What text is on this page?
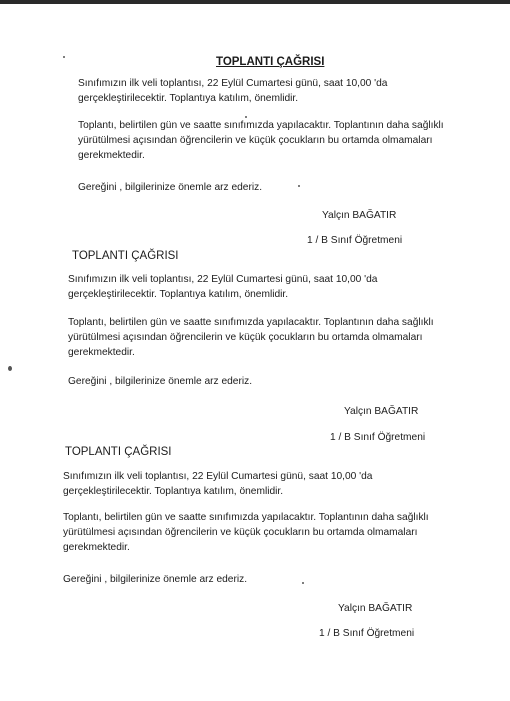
TOPLANTI ÇAĞRISI

Sınıfımızın ilk veli toplantısı, 22 Eylül Cumartesi günü, saat 10,00 'da gerçekleştirilecektir. Toplantıya katılım, önemlidir.

Toplantı, belirtilen gün ve saatte sınıfımızda yapılacaktır. Toplantının daha sağlıklı yürütülmesi açısından öğrencilerin ve küçük çocukların bu ortamda olmamaları gerekmektedir.

Gereğini , bilgilerinize önemle arz ederiz.

Yalçın BAĞATIR
1 / B Sınıf Öğretmeni
TOPLANTI ÇAĞRISI

Sınıfımızın ilk veli toplantısı, 22 Eylül Cumartesi günü, saat 10,00 'da gerçekleştirilecektir. Toplantıya katılım, önemlidir.

Toplantı, belirtilen gün ve saatte sınıfımızda yapılacaktır. Toplantının daha sağlıklı yürütülmesi açısından öğrencilerin ve küçük çocukların bu ortamda olmamaları gerekmektedir.

Gereğini , bilgilerinize önemle arz ederiz.

Yalçın BAĞATIR
1 / B Sınıf Öğretmeni
TOPLANTI ÇAĞRISI

Sınıfımızın ilk veli toplantısı, 22 Eylül Cumartesi günü, saat 10,00 'da gerçekleştirilecektir. Toplantıya katılım, önemlidir.

Toplantı, belirtilen gün ve saatte sınıfımızda yapılacaktır. Toplantının daha sağlıklı yürütülmesi açısından öğrencilerin ve küçük çocukların bu ortamda olmamaları gerekmektedir.

Gereğini , bilgilerinize önemle arz ederiz.

Yalçın BAĞATIR
1 / B Sınıf Öğretmeni
